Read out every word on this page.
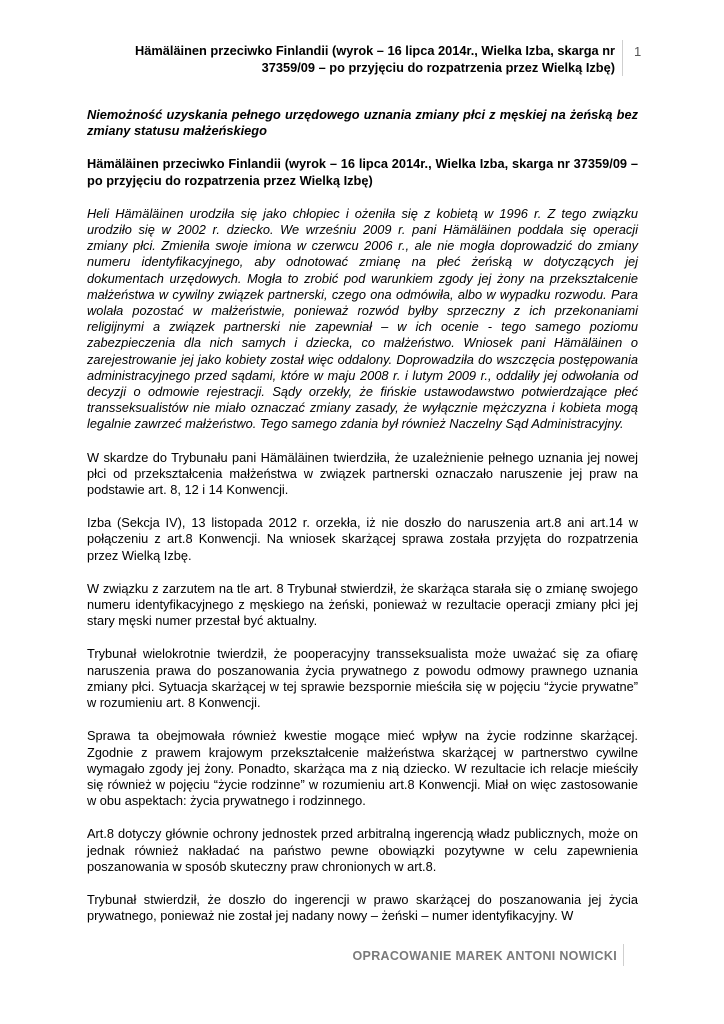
Hämäläinen przeciwko Finlandii (wyrok – 16 lipca 2014r., Wielka Izba, skarga nr 37359/09 – po przyjęciu do rozpatrzenia przez Wielką Izbę)
1

Niemożność uzyskania pełnego urzędowego uznania zmiany płci z męskiej na żeńską bez zmiany statusu małżeńskiego

Hämäläinen przeciwko Finlandii (wyrok – 16 lipca 2014r., Wielka Izba, skarga nr 37359/09 – po przyjęciu do rozpatrzenia przez Wielką Izbę)

Heli Hämäläinen urodziła się jako chłopiec i ożeniła się z kobietą w 1996 r. Z tego związku urodziło się w 2002 r. dziecko. We wrześniu 2009 r. pani Hämäläinen poddała się operacji zmiany płci. Zmieniła swoje imiona w czerwcu 2006 r., ale nie mogła doprowadzić do zmiany numeru identyfikacyjnego, aby odnotować zmianę na płeć żeńską w dotyczących jej dokumentach urzędowych. Mogła to zrobić pod warunkiem zgody jej żony na przekształcenie małżeństwa w cywilny związek partnerski, czego ona odmówiła, albo w wypadku rozwodu. Para wolała pozostać w małżeństwie, ponieważ rozwód byłby sprzeczny z ich przekonaniami religijnymi a związek partnerski nie zapewniał – w ich ocenie - tego samego poziomu zabezpieczenia dla nich samych i dziecka, co małżeństwo. Wniosek pani Hämäläinen o zarejestrowanie jej jako kobiety został więc oddalony. Doprowadziła do wszczęcia postępowania administracyjnego przed sądami, które w maju 2008 r. i lutym 2009 r., oddaliły jej odwołania od decyzji o odmowie rejestracji. Sądy orzekły, że fińskie ustawodawstwo potwierdzające płeć transseksualistów nie miało oznaczać zmiany zasady, że wyłącznie mężczyzna i kobieta mogą legalnie zawrzeć małżeństwo. Tego samego zdania był również Naczelny Sąd Administracyjny.

W skardze do Trybunału pani Hämäläinen twierdziła, że uzależnienie pełnego uznania jej nowej płci od przekształcenia małżeństwa w związek partnerski oznaczało naruszenie jej praw na podstawie art. 8, 12 i 14 Konwencji.

Izba (Sekcja IV), 13 listopada 2012 r. orzekła, iż nie doszło do naruszenia art.8 ani art.14 w połączeniu z art.8 Konwencji. Na wniosek skarżącej sprawa została przyjęta do rozpatrzenia przez Wielką Izbę.

W związku z zarzutem na tle art. 8 Trybunał stwierdził, że skarżąca starała się o zmianę swojego numeru identyfikacyjnego z męskiego na żeński, ponieważ w rezultacie operacji zmiany płci jej stary męski numer przestał być aktualny.

Trybunał wielokrotnie twierdził, że pooperacyjny transseksualista może uważać się za ofiarę naruszenia prawa do poszanowania życia prywatnego z powodu odmowy prawnego uznania zmiany płci. Sytuacja skarżącej w tej sprawie bezspornie mieściła się w pojęciu “życie prywatne” w rozumieniu art. 8 Konwencji.

Sprawa ta obejmowała również kwestie mogące mieć wpływ na życie rodzinne skarżącej. Zgodnie z prawem krajowym przekształcenie małżeństwa skarżącej w partnerstwo cywilne wymagało zgody jej żony. Ponadto, skarżąca ma z nią dziecko. W rezultacie ich relacje mieściły się również w pojęciu “życie rodzinne” w rozumieniu art.8 Konwencji. Miał on więc zastosowanie w obu aspektach: życia prywatnego i rodzinnego.

Art.8 dotyczy głównie ochrony jednostek przed arbitralną ingerencją władz publicznych, może on jednak również nakładać na państwo pewne obowiązki pozytywne w celu zapewnienia poszanowania w sposób skuteczny praw chronionych w art.8.

Trybunał stwierdził, że doszło do ingerencji w prawo skarżącej do poszanowania jej życia prywatnego, ponieważ nie został jej nadany nowy – żeński – numer identyfikacyjny. W

OPRACOWANIE MAREK ANTONI NOWICKI
